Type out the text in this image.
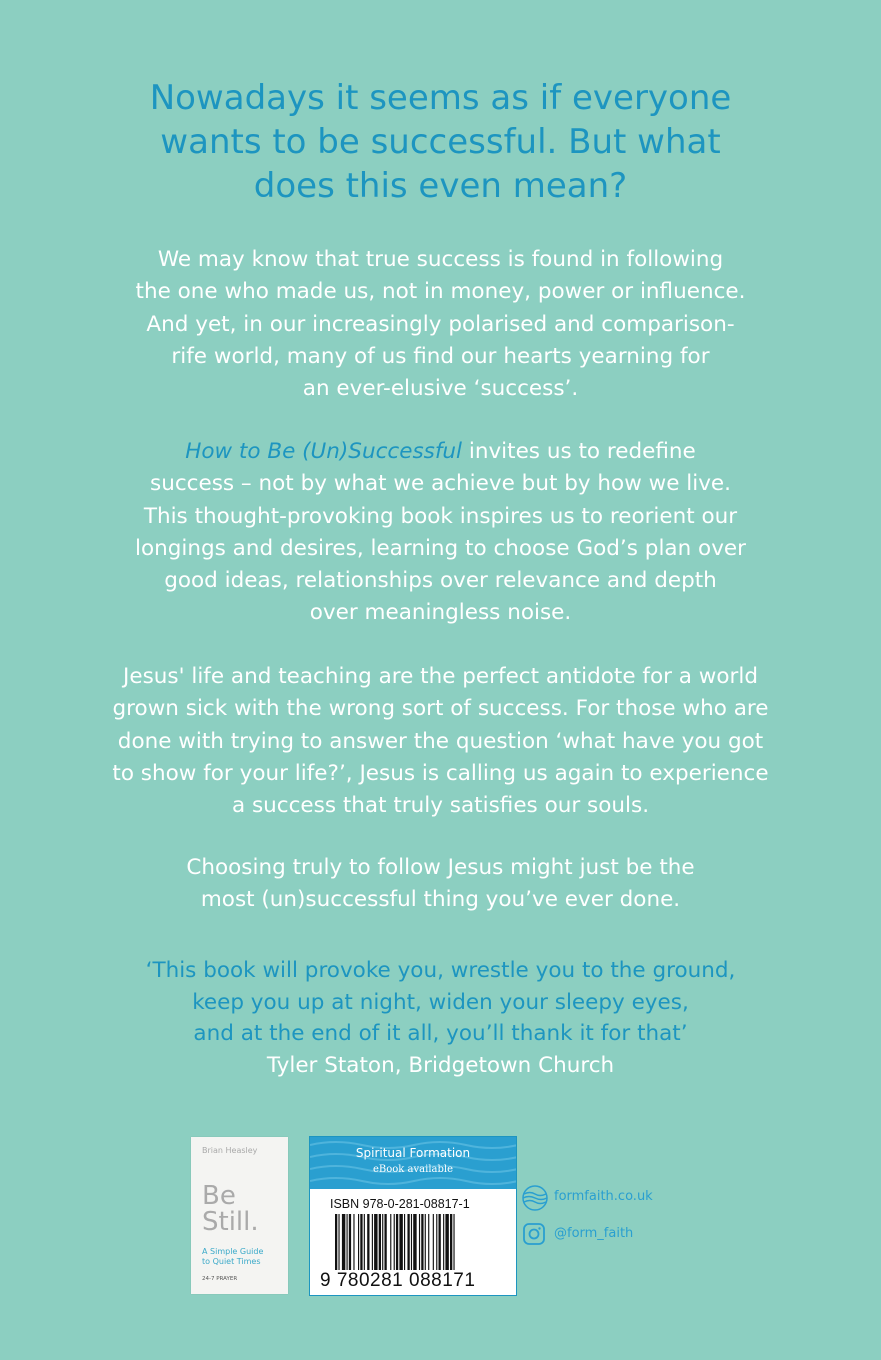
Nowadays it seems as if everyone
wants to be successful. But what
does this even mean?

We may know that true success is found in following
the one who made us, not in money, power or influence.
And yet, in our increasingly polarised and comparison-
rife world, many of us find our hearts yearning for
an ever-elusive ‘success’.

How to Be (Un)Successful invites us to redefine
success – not by what we achieve but by how we live.
This thought-provoking book inspires us to reorient our
longings and desires, learning to choose God’s plan over
good ideas, relationships over relevance and depth
over meaningless noise.

Jesus' life and teaching are the perfect antidote for a world
grown sick with the wrong sort of success. For those who are
done with trying to answer the question ‘what have you got
to show for your life?’, Jesus is calling us again to experience
a success that truly satisfies our souls.

Choosing truly to follow Jesus might just be the
most (un)successful thing you’ve ever done.

‘This book will provoke you, wrestle you to the ground,
keep you up at night, widen your sleepy eyes,
and at the end of it all, you’ll thank it for that’
Tyler Staton, Bridgetown Church

Brian Heasley
Be
Still.
A Simple Guide
to Quiet Times
24-7 PRAYER
Spiritual Formation
eBook available
ISBN 978-0-281-08817-1
9 780281 088171
formfaith.co.uk
@form_faith
